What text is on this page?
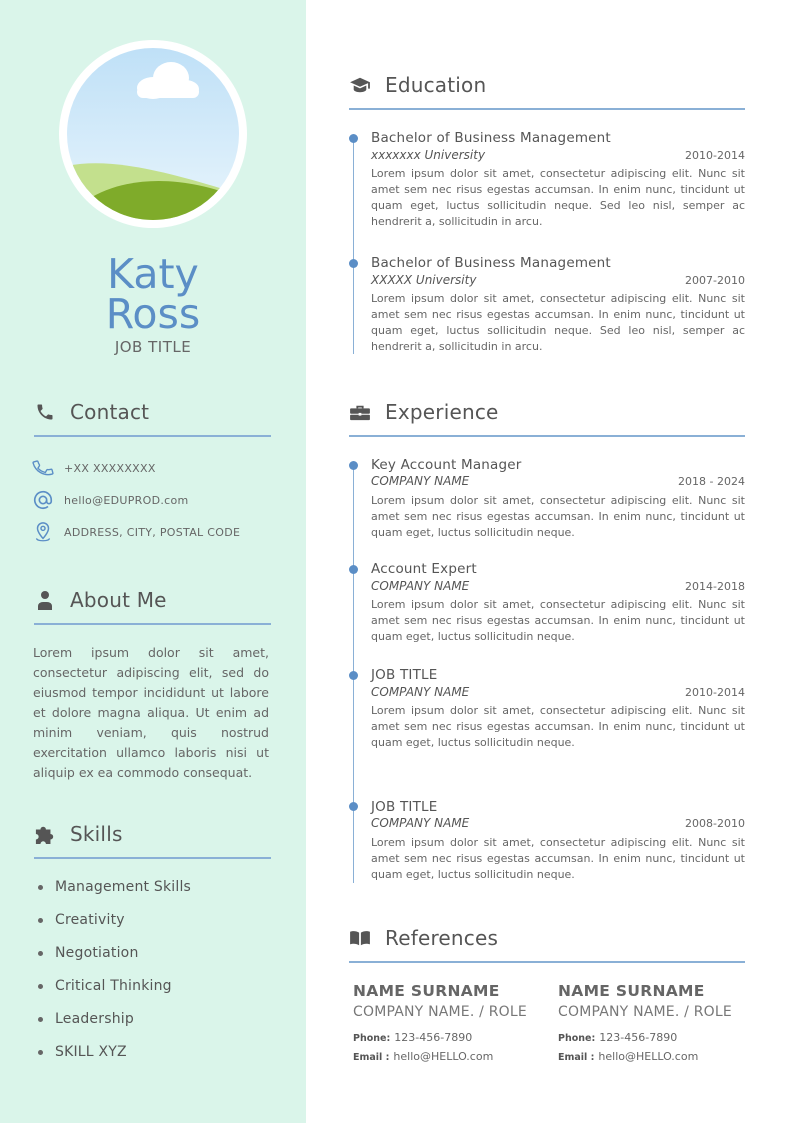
Katy
Ross
JOB TITLE
Contact
+XX XXXXXXXX
hello@EDUPROD.com
ADDRESS, CITY, POSTAL CODE
About Me
Lorem ipsum dolor sit amet, consectetur adipiscing elit, sed do eiusmod tempor incididunt ut labore et dolore magna aliqua. Ut enim ad minim veniam, quis nostrud exercitation ullamco laboris nisi ut aliquip ex ea commodo consequat.
Skills
Management Skills
Creativity
Negotiation
Critical Thinking
Leadership
SKILL XYZ
Education
Bachelor of Business Management
xxxxxxx University	2010-2014
Lorem ipsum dolor sit amet, consectetur adipiscing elit. Nunc sit amet sem nec risus egestas accumsan. In enim nunc, tincidunt ut quam eget, luctus sollicitudin neque. Sed leo nisl, semper ac hendrerit a, sollicitudin in arcu.
Bachelor of Business Management
XXXXX University	2007-2010
Lorem ipsum dolor sit amet, consectetur adipiscing elit. Nunc sit amet sem nec risus egestas accumsan. In enim nunc, tincidunt ut quam eget, luctus sollicitudin neque. Sed leo nisl, semper ac hendrerit a, sollicitudin in arcu.
Experience
Key Account Manager
COMPANY NAME	2018 - 2024
Lorem ipsum dolor sit amet, consectetur adipiscing elit. Nunc sit amet sem nec risus egestas accumsan. In enim nunc, tincidunt ut quam eget, luctus sollicitudin neque.
Account Expert
COMPANY NAME	2014-2018
Lorem ipsum dolor sit amet, consectetur adipiscing elit. Nunc sit amet sem nec risus egestas accumsan. In enim nunc, tincidunt ut quam eget, luctus sollicitudin neque.
JOB TITLE
COMPANY NAME	2010-2014
Lorem ipsum dolor sit amet, consectetur adipiscing elit. Nunc sit amet sem nec risus egestas accumsan. In enim nunc, tincidunt ut quam eget, luctus sollicitudin neque.
JOB TITLE
COMPANY NAME	2008-2010
Lorem ipsum dolor sit amet, consectetur adipiscing elit. Nunc sit amet sem nec risus egestas accumsan. In enim nunc, tincidunt ut quam eget, luctus sollicitudin neque.
References
NAME SURNAME
COMPANY NAME. / ROLE
Phone: 123-456-7890
Email : hello@HELLO.com
NAME SURNAME
COMPANY NAME. / ROLE
Phone: 123-456-7890
Email : hello@HELLO.com
